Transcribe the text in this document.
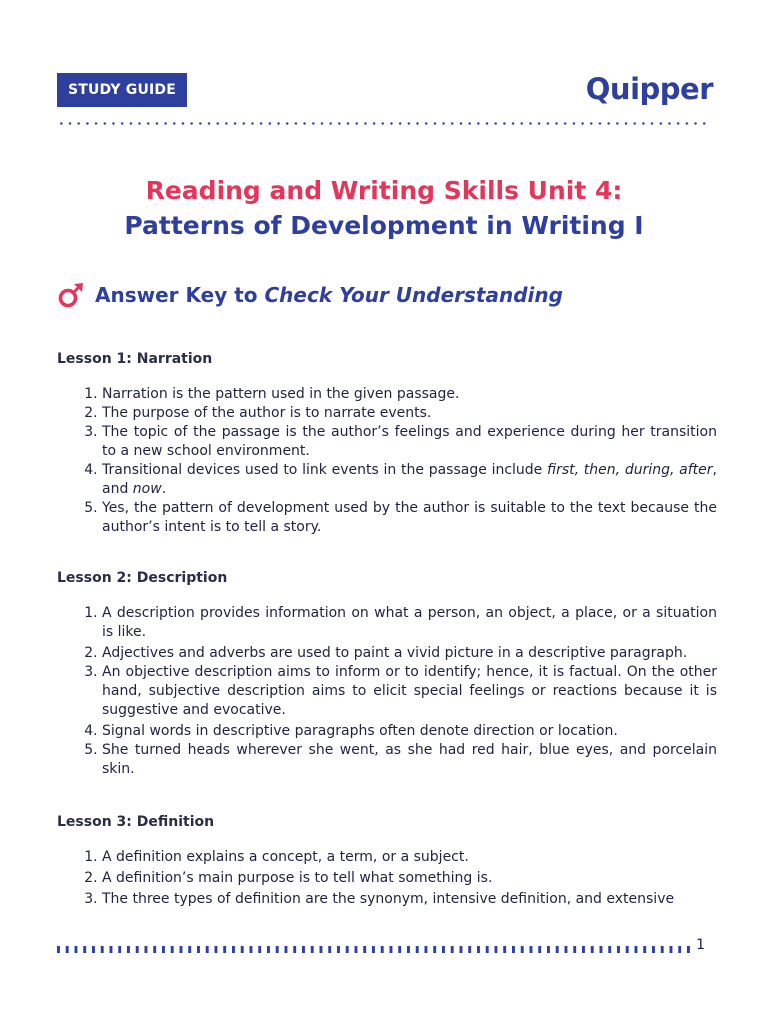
STUDY GUIDE	Quipper
Reading and Writing Skills Unit 4:
Patterns of Development in Writing I
Answer Key to Check Your Understanding

Lesson 1: Narration

1. Narration is the pattern used in the given passage.
2. The purpose of the author is to narrate events.
3. The topic of the passage is the author’s feelings and experience during her transition to a new school environment.
4. Transitional devices used to link events in the passage include first, then, during, after, and now.
5. Yes, the pattern of development used by the author is suitable to the text because the author’s intent is to tell a story.

Lesson 2: Description

1. A description provides information on what a person, an object, a place, or a situation is like.
2. Adjectives and adverbs are used to paint a vivid picture in a descriptive paragraph.
3. An objective description aims to inform or to identify; hence, it is factual. On the other hand, subjective description aims to elicit special feelings or reactions because it is suggestive and evocative.
4. Signal words in descriptive paragraphs often denote direction or location.
5. She turned heads wherever she went, as she had red hair, blue eyes, and porcelain skin.

Lesson 3: Definition

1. A definition explains a concept, a term, or a subject.
2. A definition’s main purpose is to tell what something is.
3. The three types of definition are the synonym, intensive definition, and extensive
1
